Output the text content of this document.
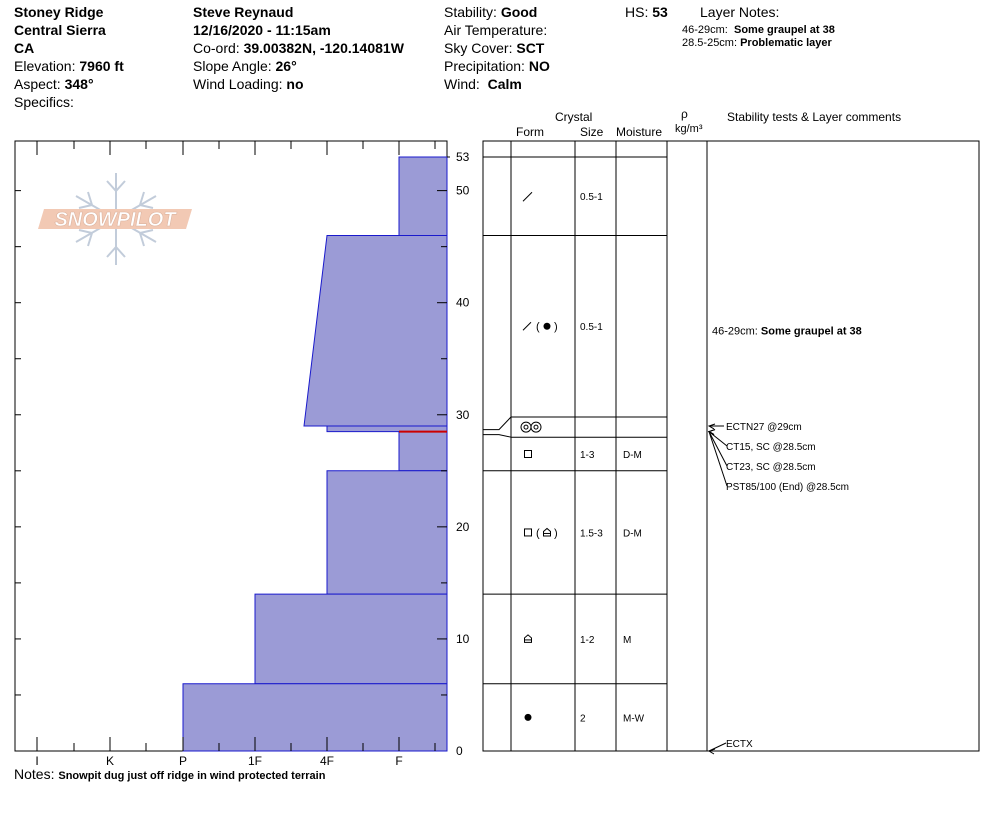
Stoney Ridge
Central Sierra
CA
Elevation: 7960 ft
Aspect: 348°
Specifics:
Steve Reynaud
12/16/2020 - 11:15am
Co-ord: 39.00382N, -120.14081W
Slope Angle: 26°
Wind Loading: no
Stability: Good
Air Temperature:
Sky Cover: SCT
Precipitation: NO
Wind: Calm
HS: 53 Layer Notes:
46-29cm: Some graupel at 38
28.5-25cm: Problematic layer
Crystal
Form	Size Moisture
ρ
kg/m³
Stability tests & Layer comments
SNOWPILOT
0
10
20
30
40
50
53
I	K	P	1F	4F	F
0.5-1
( ) 0.5-1
1-3	D-M
( ) 1.5-3 D-M
1-2	M
2	M-W
46-29cm: Some graupel at 38
ECTN27 @29cm
CT15, SC @28.5cm
CT23, SC @28.5cm
PST85/100 (End) @28.5cm
ECTX
Notes: Snowpit dug just off ridge in wind protected terrain
